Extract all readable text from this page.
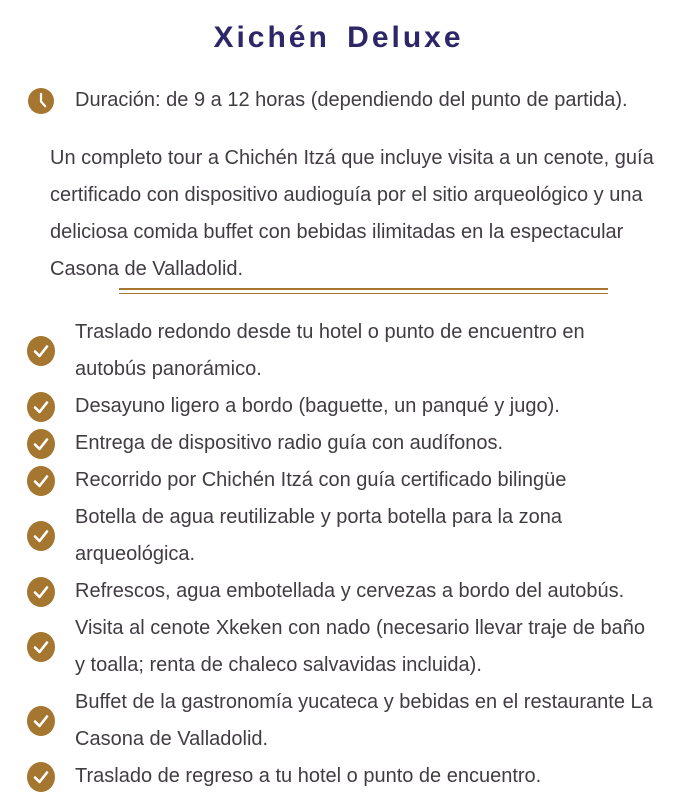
Xichén Deluxe
Duración: de 9 a 12 horas (dependiendo del punto de partida).

Un completo tour a Chichén Itzá que incluye visita a un cenote, guía certificado con dispositivo audioguía por el sitio arqueológico y una deliciosa comida buffet con bebidas ilimitadas en la espectacular Casona de Valladolid.

Traslado redondo desde tu hotel o punto de encuentro en autobús panorámico.
Desayuno ligero a bordo (baguette, un panqué y jugo).
Entrega de dispositivo radio guía con audífonos.
Recorrido por Chichén Itzá con guía certificado bilingüe
Botella de agua reutilizable y porta botella para la zona arqueológica.
Refrescos, agua embotellada y cervezas a bordo del autobús.
Visita al cenote Xkeken con nado (necesario llevar traje de baño y toalla; renta de chaleco salvavidas incluida).
Buffet de la gastronomía yucateca y bebidas en el restaurante La Casona de Valladolid.
Traslado de regreso a tu hotel o punto de encuentro.
